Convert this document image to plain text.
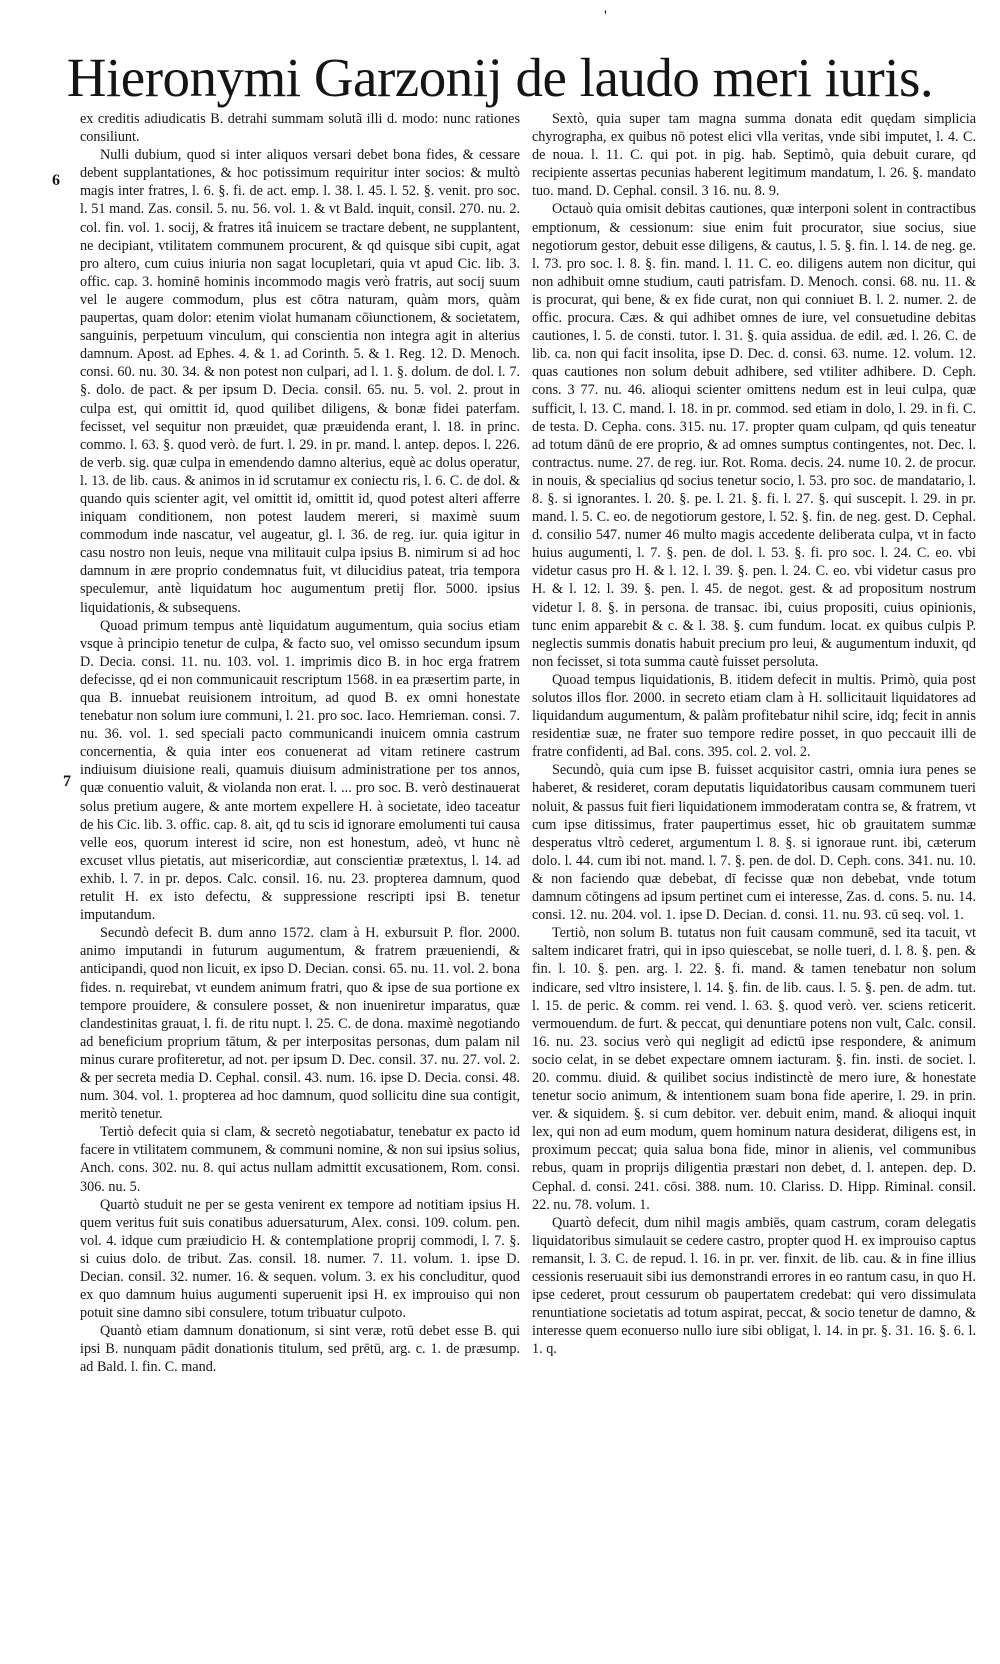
'
Hieronymi Garzonij de laudo meri iuris.
6
7

ex creditis adiudicatis B. detrahi summam solutã illi d. modo: nunc rationes consiliunt.

Nulli dubium, quod si inter aliquos versari debet bona fides, & cessare debent supplantationes, & hoc potissimum requiritur inter socios: & multò magis inter fratres, l. 6. §. fi. de act. emp. l. 38. l. 45. l. 52. §. venit. pro soc. l. 51 mand. Zas. consil. 5. nu. 56. vol. 1. & vt Bald. inquit, consil. 270. nu. 2. col. fin. vol. 1. socij, & fratres itâ inuicem se tractare debent, ne supplantent, ne decipiant, vtilitatem communem procurent, & qd quisque sibi cupit, agat pro altero, cum cuius iniuria non sagat locupletari, quia vt apud Cic. lib. 3. offic. cap. 3. hominē hominis incommodo magis verò fratris, aut socij suum vel le augere commodum, plus est cōtra naturam, quàm mors, quàm paupertas, quam dolor: etenim violat humanam cōiunctionem, & societatem, sanguinis, perpetuum vinculum, qui conscientia non integra agit in alterius damnum. Apost. ad Ephes. 4. & 1. ad Corinth. 5. & 1. Reg. 12. D. Menoch. consi. 60. nu. 30. 34. & non potest non culpari, ad l. 1. §. dolum. de dol. l. 7. §. dolo. de pact. & per ipsum D. Decia. consil. 65. nu. 5. vol. 2. prout in culpa est, qui omittit id, quod quilibet diligens, & bonæ fidei paterfam. fecisset, vel sequitur non præuidet, quæ præuidenda erant, l. 18. in princ. commo. l. 63. §. quod verò. de furt. l. 29. in pr. mand. l. antep. depos. l. 226. de verb. sig. quæ culpa in emendendo damno alterius, equè ac dolus operatur, l. 13. de lib. caus. & animos in id scrutamur ex coniectu ris, l. 6. C. de dol. & quando quis scienter agit, vel omittit id, omittit id, quod potest alteri afferre iniquam conditionem, non potest laudem mereri, si maximè suum commodum inde nascatur, vel augeatur, gl. l. 36. de reg. iur. quia igitur in casu nostro non leuis, neque vna militauit culpa ipsius B. nimirum si ad hoc damnum in ære proprio condemnatus fuit, vt dilucidius pateat, tria tempora speculemur, antè liquidatum hoc augumentum pretij flor. 5000. ipsius liquidationis, & subsequens.

Quoad primum tempus antè liquidatum augumentum, quia socius etiam vsque à principio tenetur de culpa, & facto suo, vel omisso secundum ipsum D. Decia. consi. 11. nu. 103. vol. 1. imprimis dico B. in hoc erga fratrem defecisse, qd ei non communicauit rescriptum 1568. in ea præsertim parte, in qua B. innuebat reuisionem introitum, ad quod B. ex omni honestate tenebatur non solum iure communi, l. 21. pro soc. Iaco. Hemrieman. consi. 7. nu. 36. vol. 1. sed speciali pacto communicandi inuicem omnia castrum concernentia, & quia inter eos conuenerat ad vitam retinere castrum indiuisum diuisione reali, quamuis diuisum administratione per tos annos, quæ conuentio valuit, & violanda non erat. l. ... pro soc. B. verò destinauerat solus pretium augere, & ante mortem expellere H. à societate, ideo taceatur de his Cic. lib. 3. offic. cap. 8. ait, qd tu scis id ignorare emolumenti tui causa velle eos, quorum interest id scire, non est honestum, adeò, vt hunc nè excuset vllus pietatis, aut misericordiæ, aut conscientiæ prætextus, l. 14. ad exhib. l. 7. in pr. depos. Calc. consil. 16. nu. 23. propterea damnum, quod retulit H. ex isto defectu, & suppressione rescripti ipsi B. tenetur imputandum.

Secundò defecit B. dum anno 1572. clam à H. exbursuit P. flor. 2000. animo imputandi in futurum augumentum, & fratrem præueniendi, & anticipandi, quod non licuit, ex ipso D. Decian. consi. 65. nu. 11. vol. 2. bona fides. n. requirebat, vt eundem animum fratri, quo & ipse de sua portione ex tempore prouidere, & consulere posset, & non inueniretur imparatus, quæ clandestinitas grauat, l. fi. de ritu nupt. l. 25. C. de dona. maximè negotiando ad beneficium proprium tātum, & per interpositas personas, dum palam nil minus curare profiteretur, ad not. per ipsum D. Dec. consil. 37. nu. 27. vol. 2. & per secreta media D. Cephal. consil. 43. num. 16. ipse D. Decia. consi. 48. num. 304. vol. 1. propterea ad hoc damnum, quod sollicitu dine sua contigit, meritò tenetur.

Tertiò defecit quia si clam, & secretò negotiabatur, tenebatur ex pacto id facere in vtilitatem communem, & communi nomine, & non sui ipsius solius, Anch. cons. 302. nu. 8. qui actus nullam admittit excusationem, Rom. consi. 306. nu. 5.

Quartò studuit ne per se gesta venirent ex tempore ad notitiam ipsius H. quem veritus fuit suis conatibus aduersaturum, Alex. consi. 109. colum. pen. vol. 4. idque cum præiudicio H. & contemplatione proprij commodi, l. 7. §. si cuius dolo. de tribut. Zas. consil. 18. numer. 7. 11. volum. 1. ipse D. Decian. consil. 32. numer. 16. & sequen. volum. 3. ex his concluditur, quod ex quo damnum huius augumenti superuenit ipsi H. ex improuiso qui non potuit sine damno sibi consulere, totum tribuatur culpoto.

Quantò etiam damnum donationum, si sint veræ, rotū debet esse B. qui ipsi B. nunquam pādit donationis titulum, sed prētū, arg. c. 1. de præsump. ad Bald. l. fin. C. mand.

Sextò, quia super tam magna summa donata edit quędam simplicia chyrographa, ex quibus nō potest elici vlla veritas, vnde sibi imputet, l. 4. C. de noua. l. 11. C. qui pot. in pig. hab. Septimò, quia debuit curare, qd recipiente assertas pecunias haberent legitimum mandatum, l. 26. §. mandato tuo. mand. D. Cephal. consil. 3 16. nu. 8. 9.

Octauò quia omisit debitas cautiones, quæ interponi solent in contractibus emptionum, & cessionum: siue enim fuit procurator, siue socius, siue negotiorum gestor, debuit esse diligens, & cautus, l. 5. §. fin. l. 14. de neg. ge. l. 73. pro soc. l. 8. §. fin. mand. l. 11. C. eo. diligens autem non dicitur, qui non adhibuit omne studium, cauti patrisfam. D. Menoch. consi. 68. nu. 11. & is procurat, qui bene, & ex fide curat, non qui conniuet B. l. 2. numer. 2. de offic. procura. Cæs. & qui adhibet omnes de iure, vel consuetudine debitas cautiones, l. 5. de consti. tutor. l. 31. §. quia assidua. de edil. æd. l. 26. C. de lib. ca. non qui facit insolita, ipse D. Dec. d. consi. 63. nume. 12. volum. 12. quas cautiones non solum debuit adhibere, sed vtiliter adhibere. D. Ceph. cons. 3 77. nu. 46. alioqui scienter omittens nedum est in leui culpa, quæ sufficit, l. 13. C. mand. l. 18. in pr. commod. sed etiam in dolo, l. 29. in fi. C. de testa. D. Cepha. cons. 315. nu. 17. propter quam culpam, qd quis teneatur ad totum dānū de ere proprio, & ad omnes sumptus contingentes, not. Dec. l. contractus. nume. 27. de reg. iur. Rot. Roma. decis. 24. nume 10. 2. de procur. in nouis, & specialius qd socius tenetur socio, l. 53. pro soc. de mandatario, l. 8. §. si ignorantes. l. 20. §. pe. l. 21. §. fi. l. 27. §. qui suscepit. l. 29. in pr. mand. l. 5. C. eo. de negotiorum gestore, l. 52. §. fin. de neg. gest. D. Cephal. d. consilio 547. numer 46 multo magis accedente deliberata culpa, vt in facto huius augumenti, l. 7. §. pen. de dol. l. 53. §. fi. pro soc. l. 24. C. eo. vbi videtur casus pro H. & l. 12. l. 39. §. pen. l. 24. C. eo. vbi videtur casus pro H. & l. 12. l. 39. §. pen. l. 45. de negot. gest. & ad propositum nostrum videtur l. 8. §. in persona. de transac. ibi, cuius propositi, cuius opinionis, tunc enim apparebit & c. & l. 38. §. cum fundum. locat. ex quibus culpis P. neglectis summis donatis habuit precium pro leui, & augumentum induxit, qd non fecisset, si tota summa cautè fuisset persoluta.

Quoad tempus liquidationis, B. itidem defecit in multis. Primò, quia post solutos illos flor. 2000. in secreto etiam clam à H. sollicitauit liquidatores ad liquidandum augumentum, & palàm profitebatur nihil scire, idq; fecit in annis residentiæ suæ, ne frater suo tempore redire posset, in quo peccauit illi de fratre confidenti, ad Bal. cons. 395. col. 2. vol. 2.

Secundò, quia cum ipse B. fuisset acquisitor castri, omnia iura penes se haberet, & resideret, coram deputatis liquidatoribus causam communem tueri noluit, & passus fuit fieri liquidationem immoderatam contra se, & fratrem, vt cum ipse ditissimus, frater paupertimus esset, hic ob grauitatem summæ desperatus vltrò cederet, argumentum l. 8. §. si ignoraue runt. ibi, cæterum dolo. l. 44. cum ibi not. mand. l. 7. §. pen. de dol. D. Ceph. cons. 341. nu. 10. & non faciendo quæ debebat, dī fecisse quæ non debebat, vnde totum damnum cōtingens ad ipsum pertinet cum ei interesse, Zas. d. cons. 5. nu. 14. consi. 12. nu. 204. vol. 1. ipse D. Decian. d. consi. 11. nu. 93. cū seq. vol. 1.

Tertiò, non solum B. tutatus non fuit causam communē, sed ita tacuit, vt saltem indicaret fratri, qui in ipso quiescebat, se nolle tueri, d. l. 8. §. pen. & fin. l. 10. §. pen. arg. l. 22. §. fi. mand. & tamen tenebatur non solum indicare, sed vltro insistere, l. 14. §. fin. de lib. caus. l. 5. §. pen. de adm. tut. l. 15. de peric. & comm. rei vend. l. 63. §. quod verò. ver. sciens reticerit. vermouendum. de furt. & peccat, qui denuntiare potens non vult, Calc. consil. 16. nu. 23. socius verò qui negligit ad edictū ipse respondere, & animum socio celat, in se debet expectare omnem iacturam. §. fin. insti. de societ. l. 20. commu. diuid. & quilibet socius indistinctè de mero iure, & honestate tenetur socio animum, & intentionem suam bona fide aperire, l. 29. in prin. ver. & siquidem. §. si cum debitor. ver. debuit enim, mand. & alioqui inquit lex, qui non ad eum modum, quem hominum natura desiderat, diligens est, in proximum peccat; quia salua bona fide, minor in alienis, vel communibus rebus, quam in proprijs diligentia præstari non debet, d. l. antepen. dep. D. Cephal. d. consi. 241. cōsi. 388. num. 10. Clariss. D. Hipp. Riminal. consil. 22. nu. 78. volum. 1.

Quartò defecit, dum nihil magis ambiēs, quam castrum, coram delegatis liquidatoribus simulauit se cedere castro, propter quod H. ex improuiso captus remansit, l. 3. C. de repud. l. 16. in pr. ver. finxit. de lib. cau. & in fine illius cessionis reseruauit sibi ius demonstrandi errores in eo rantum casu, in quo H. ipse cederet, prout cessurum ob paupertatem credebat: qui vero dissimulata renuntiatione societatis ad totum aspirat, peccat, & socio tenetur de damno, & interesse quem econuerso nullo iure sibi obligat, l. 14. in pr. §. 31. 16. §. 6. l. 1. q.
